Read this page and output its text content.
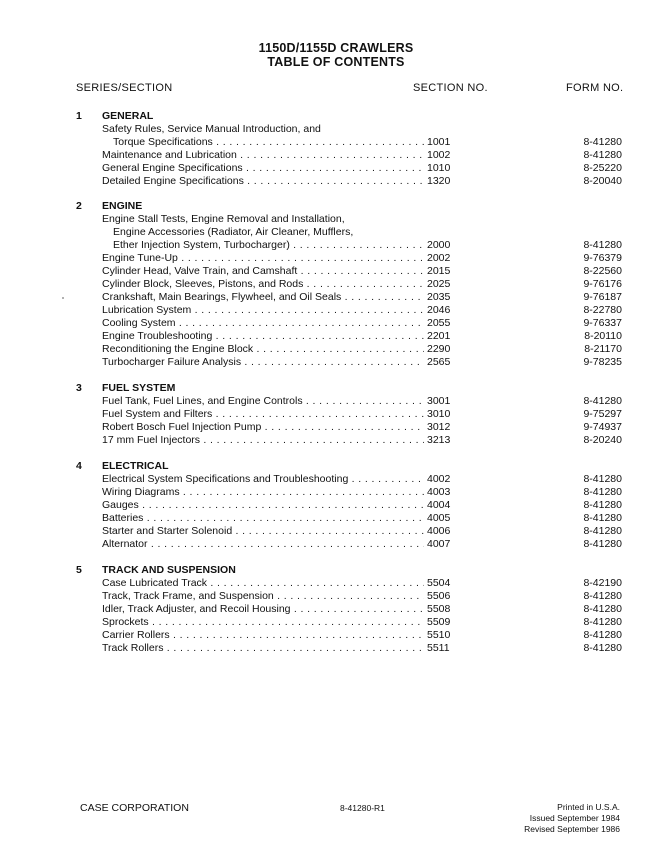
1150D/1155D CRAWLERS
TABLE OF CONTENTS
SERIES/SECTION	SECTION NO.	FORM NO.
1 GENERAL
Safety Rules, Service Manual Introduction, and
Torque Specifications . . .	1001	8-41280
Maintenance and Lubrication . . .	1002	8-41280
General Engine Specifications . . .	1010	8-25220
Detailed Engine Specifications . . .	1320	8-20040
2 ENGINE
Engine Stall Tests, Engine Removal and Installation,
Engine Accessories (Radiator, Air Cleaner, Mufflers,
Ether Injection System, Turbocharger) . . .	2000	8-41280
Engine Tune-Up . . .	2002	9-76379
Cylinder Head, Valve Train, and Camshaft . . .	2015	8-22560
Cylinder Block, Sleeves, Pistons, and Rods . . .	2025	9-76176
Crankshaft, Main Bearings, Flywheel, and Oil Seals . . .	2035	9-76187
Lubrication System . . .	2046	8-22780
Cooling System . . .	2055	9-76337
Engine Troubleshooting . . .	2201	8-20110
Reconditioning the Engine Block . . .	2290	8-21170
Turbocharger Failure Analysis . . .	2565	9-78235
3 FUEL SYSTEM
Fuel Tank, Fuel Lines, and Engine Controls . . .	3001	8-41280
Fuel System and Filters . . .	3010	9-75297
Robert Bosch Fuel Injection Pump . . .	3012	9-74937
17 mm Fuel Injectors . . .	3213	8-20240
4 ELECTRICAL
Electrical System Specifications and Troubleshooting . . .	4002	8-41280
Wiring Diagrams . . .	4003	8-41280
Gauges . . .	4004	8-41280
Batteries . . .	4005	8-41280
Starter and Starter Solenoid . . .	4006	8-41280
Alternator . . .	4007	8-41280
5 TRACK AND SUSPENSION
Case Lubricated Track . . .	5504	8-42190
Track, Track Frame, and Suspension . . .	5506	8-41280
Idler, Track Adjuster, and Recoil Housing . . .	5508	8-41280
Sprockets . . .	5509	8-41280
Carrier Rollers . . .	5510	8-41280
Track Rollers . . .	5511	8-41280
CASE CORPORATION	8-41280-R1	Printed in U.S.A.
Issued September 1984
Revised September 1986
